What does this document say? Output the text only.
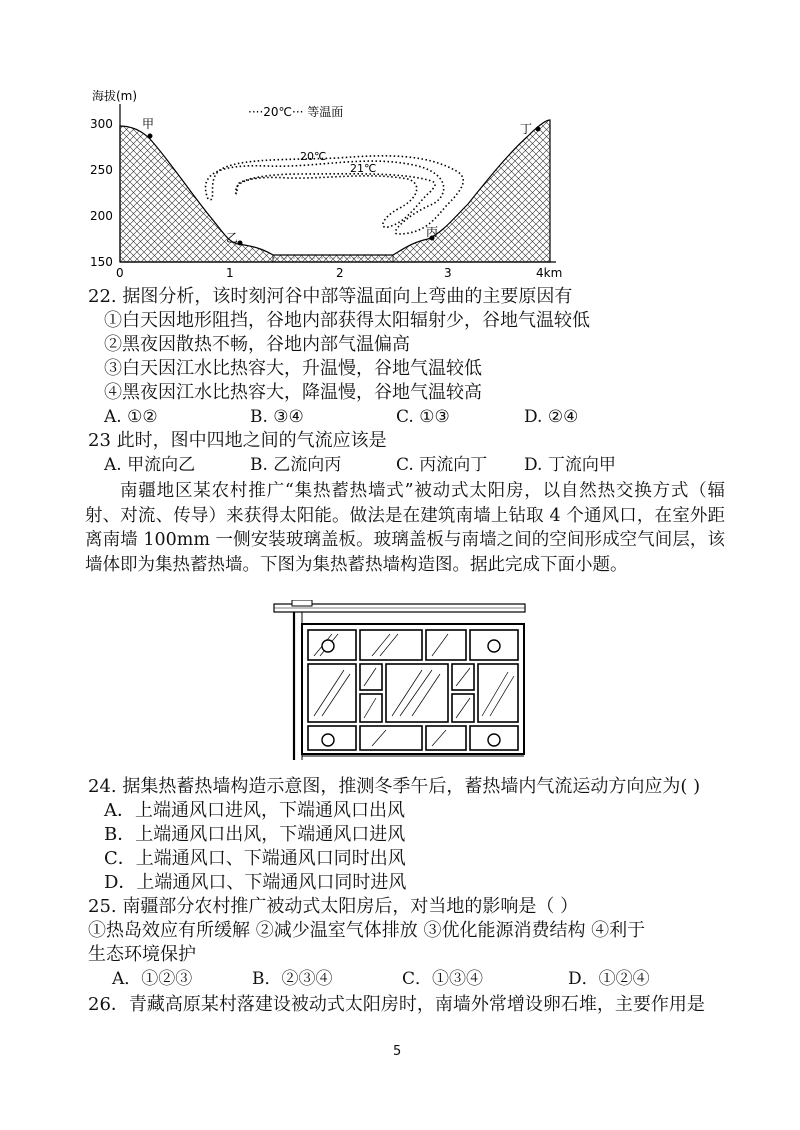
海拔(m)
300
250
200
150
0	1	2	3	4km
····20℃··· 等温面
20℃
21℃
甲
乙	丙
丁
22. 据图分析，该时刻河谷中部等温面向上弯曲的主要原因有
①白天因地形阻挡，谷地内部获得太阳辐射少，谷地气温较低
②黑夜因散热不畅，谷地内部气温偏高
③白天因江水比热容大，升温慢，谷地气温较低
④黑夜因江水比热容大，降温慢，谷地气温较高
A. ①②	B. ③④	C. ①③	D. ②④
23 此时，图中四地之间的气流应该是
A. 甲流向乙	B. 乙流向丙	C. 丙流向丁 D. 丁流向甲

南疆地区某农村推广“集热蓄热墙式”被动式太阳房，以自然热交换方式（辐射、对流、传导）来获得太阳能。做法是在建筑南墙上钻取 4 个通风口，在室外距离南墙 100mm 一侧安装玻璃盖板。玻璃盖板与南墙之间的空间形成空气间层，该墙体即为集热蓄热墙。下图为集热蓄热墙构造图。据此完成下面小题。

24. 据集热蓄热墙构造示意图，推测冬季午后，蓄热墙内气流运动方向应为( )
A．上端通风口进风，下端通风口出风
B．上端通风口出风，下端通风口进风
C．上端通风口、下端通风口同时出风
D．上端通风口、下端通风口同时进风
25. 南疆部分农村推广被动式太阳房后，对当地的影响是（ ）
①热岛效应有所缓解 ②减少温室气体排放 ③优化能源消费结构 ④利于
生态环境保护
A．①②③	B．②③④	C．①③④	D．①②④
26．青藏高原某村落建设被动式太阳房时，南墙外常增设卵石堆，主要作用是
5
